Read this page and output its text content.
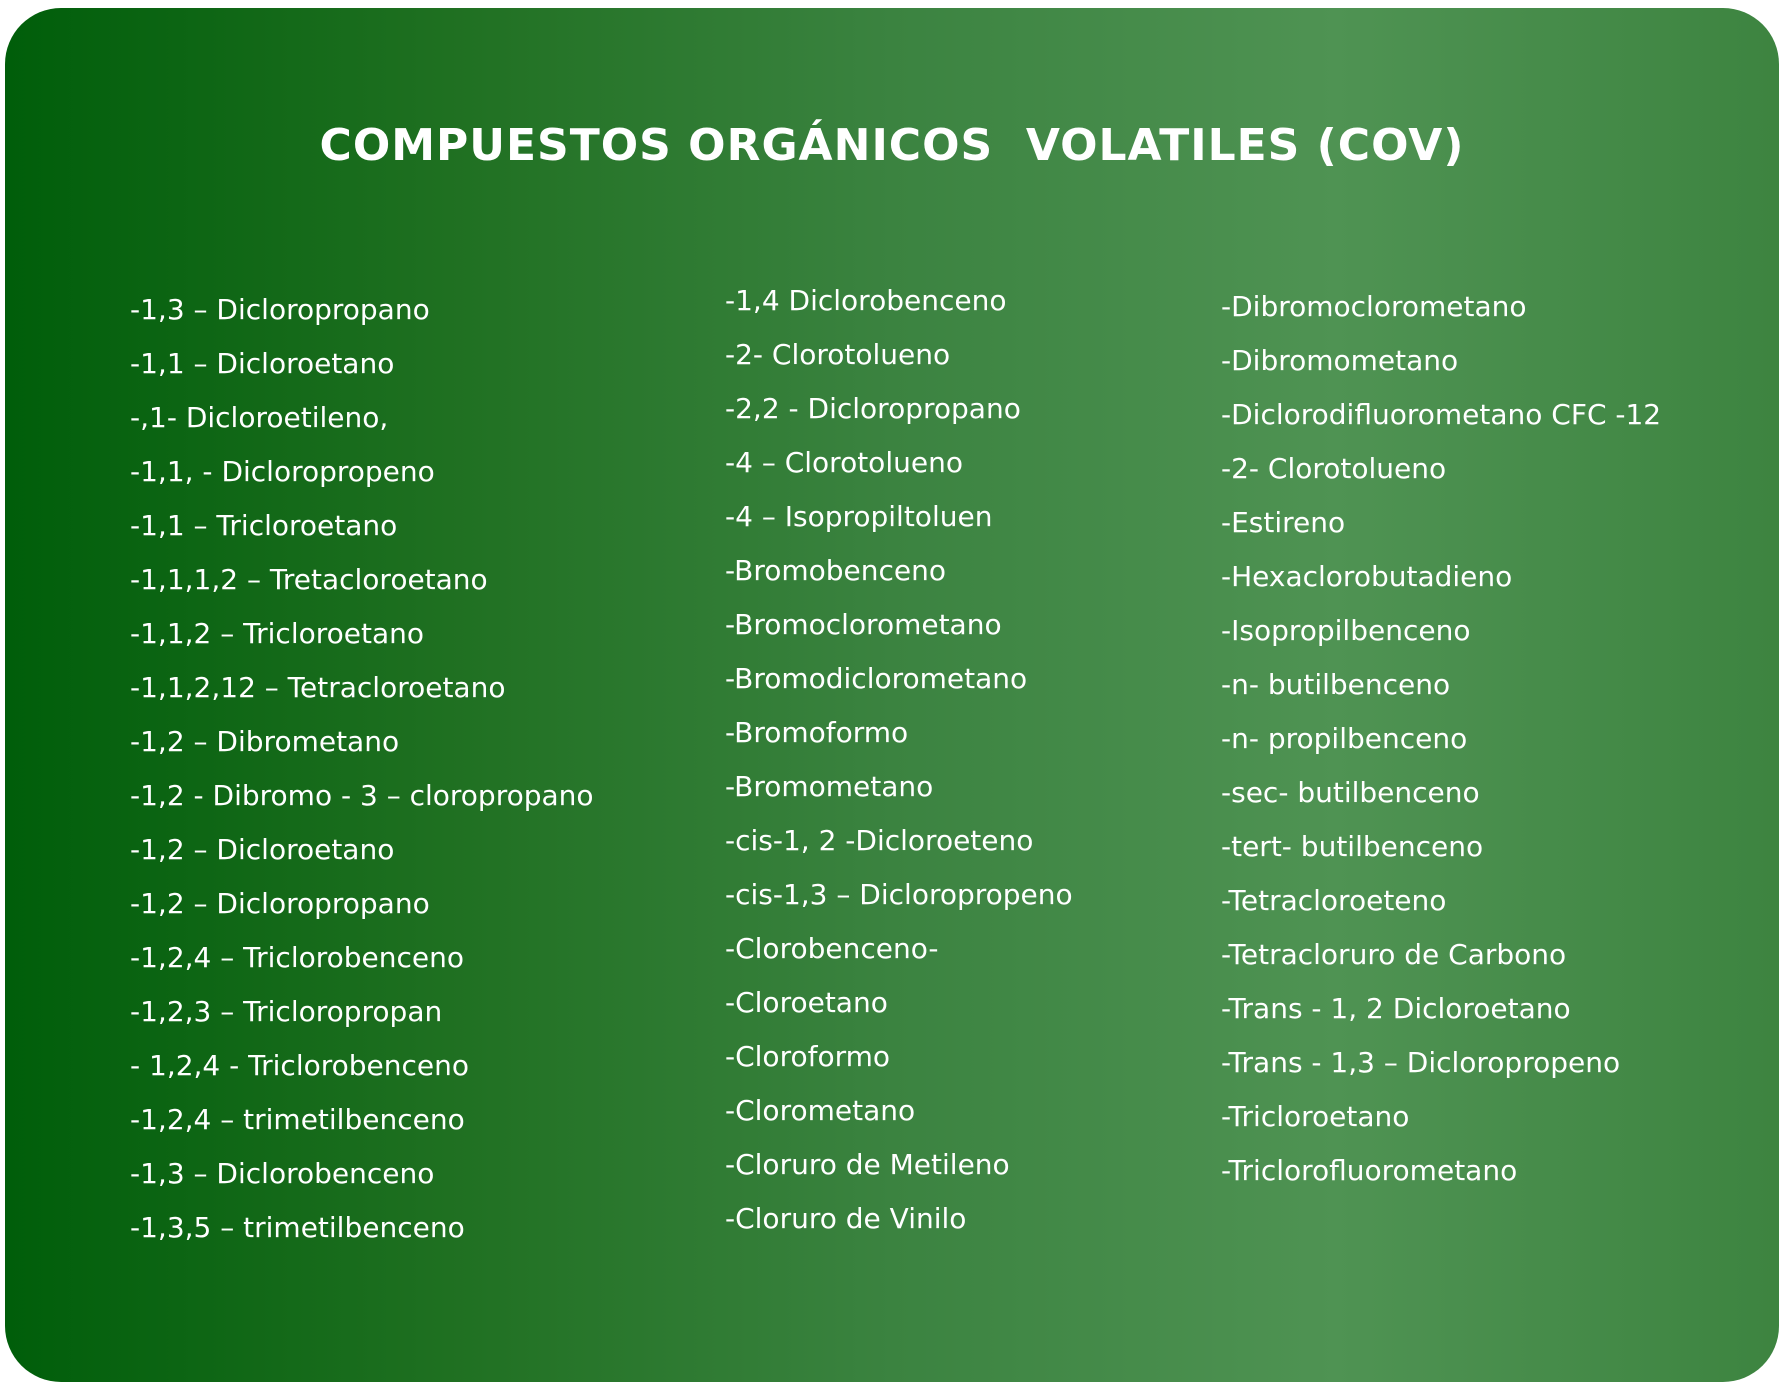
COMPUESTOS ORGÁNICOS  VOLATILES (COV)
-1,3 – Dicloropropano
-1,1 – Dicloroetano
-,1- Dicloroetileno,
-1,1, - Dicloropropeno
-1,1 – Tricloroetano
-1,1,1,2 – Tretacloroetano
-1,1,2 – Tricloroetano
-1,1,2,12 – Tetracloroetano
-1,2 – Dibrometano
-1,2 - Dibromo - 3 – cloropropano
-1,2 – Dicloroetano
-1,2 – Dicloropropano
-1,2,4 – Triclorobenceno
-1,2,3 – Tricloropropan
- 1,2,4 - Triclorobenceno
-1,2,4 – trimetilbenceno
-1,3 – Diclorobenceno
-1,3,5 – trimetilbenceno
-1,4 Diclorobenceno
-2- Clorotolueno
-2,2 - Dicloropropano
-4 – Clorotolueno
-4 – Isopropiltoluen
-Bromobenceno
-Bromoclorometano
-Bromodiclorometano
-Bromoformo
-Bromometano
-cis-1, 2 -Dicloroeteno
-cis-1,3 – Dicloropropeno
-Clorobenceno-
-Cloroetano
-Cloroformo
-Clorometano
-Cloruro de Metileno
-Cloruro de Vinilo
-Dibromoclorometano
-Dibromometano
-Diclorodifluorometano CFC -12
-2- Clorotolueno
-Estireno
-Hexaclorobutadieno
-Isopropilbenceno
-n- butilbenceno
-n- propilbenceno
-sec- butilbenceno
-tert- butilbenceno
-Tetracloroeteno
-Tetracloruro de Carbono
-Trans - 1, 2 Dicloroetano
-Trans - 1,3 – Dicloropropeno
-Tricloroetano
-Triclorofluorometano
